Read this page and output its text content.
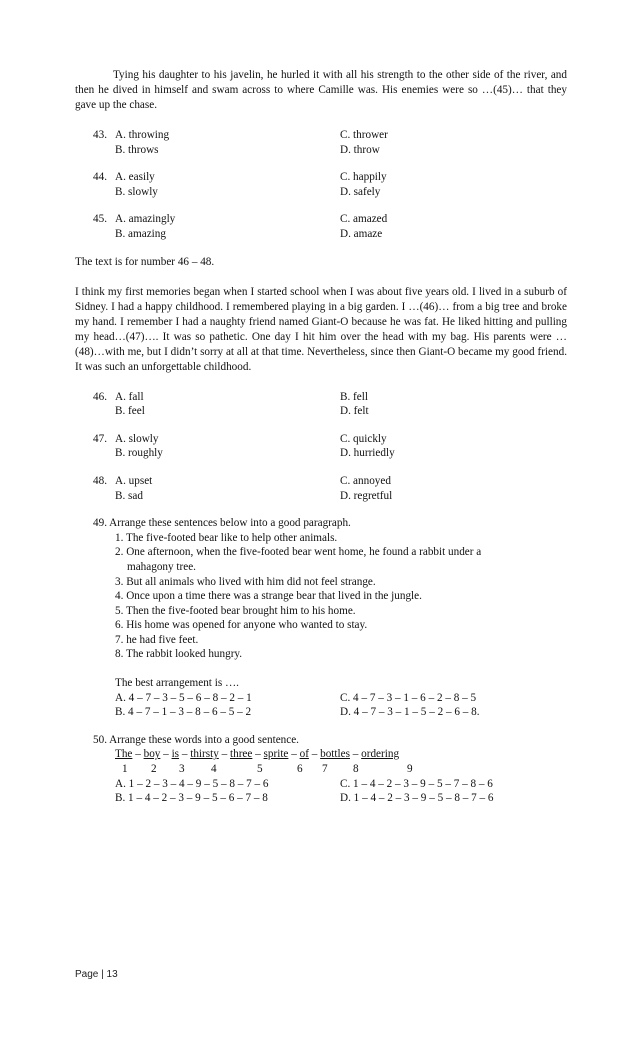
Tying his daughter to his javelin, he hurled it with all his strength to the other side of the river, and then he dived in himself and swam across to where Camille was. His enemies were so …(45)… that they gave up the chase.

43.	A. throwing	C. thrower
	B. throws	D. throw
44.	A. easily	C. happily
	B. slowly	D. safely
45.	A. amazingly	C. amazed
	B. amazing	D. amaze

The text is for number 46 – 48.

I think my first memories began when I started school when I was about five years old. I lived in a suburb of Sidney. I had a happy childhood. I remembered playing in a big garden. I …(46)… from a big tree and broke my hand. I remember I had a naughty friend named Giant-O because he was fat. He liked hitting and pulling my head…(47)…. It was so pathetic. One day I hit him over the head with my bag. His parents were …(48)…with me, but I didn’t sorry at all at that time. Nevertheless, since then Giant-O became my good friend. It was such an unforgettable childhood.

46.	A. fall	B. fell
	B. feel	D. felt
47.	A. slowly	C. quickly
	B. roughly	D. hurriedly
48.	A. upset	C. annoyed
	B. sad	D. regretful
49. Arrange these sentences below into a good paragraph.
1. The five-footed bear like to help other animals.
2. One afternoon, when the five-footed bear went home, he found a rabbit under a
mahagony tree.
3. But all animals who lived with him did not feel strange.
4. Once upon a time there was a strange bear that lived in the jungle.
5. Then the five-footed bear brought him to his home.
6. His home was opened for anyone who wanted to stay.
7. he had five feet.
8. The rabbit looked hungry.
The best arrangement is ….
A. 4 – 7 – 3 – 5 – 6 – 8 – 2 – 1	C. 4 – 7 – 3 – 1 – 6 – 2 – 8 – 5
B. 4 – 7 – 1 – 3 – 8 – 6 – 5 – 2	D. 4 – 7 – 3 – 1 – 5 – 2 – 6 – 8.
50. Arrange these words into a good sentence.
The – boy – is – thirsty – three – sprite – of – bottles – ordering
1 2 3 4	5	6 7 8	9
A. 1 – 2 – 3 – 4 – 9 – 5 – 8 – 7 – 6	C. 1 – 4 – 2 – 3 – 9 – 5 – 7 – 8 – 6
B. 1 – 4 – 2 – 3 – 9 – 5 – 6 – 7 – 8	D. 1 – 4 – 2 – 3 – 9 – 5 – 8 – 7 – 6
Page | 13
